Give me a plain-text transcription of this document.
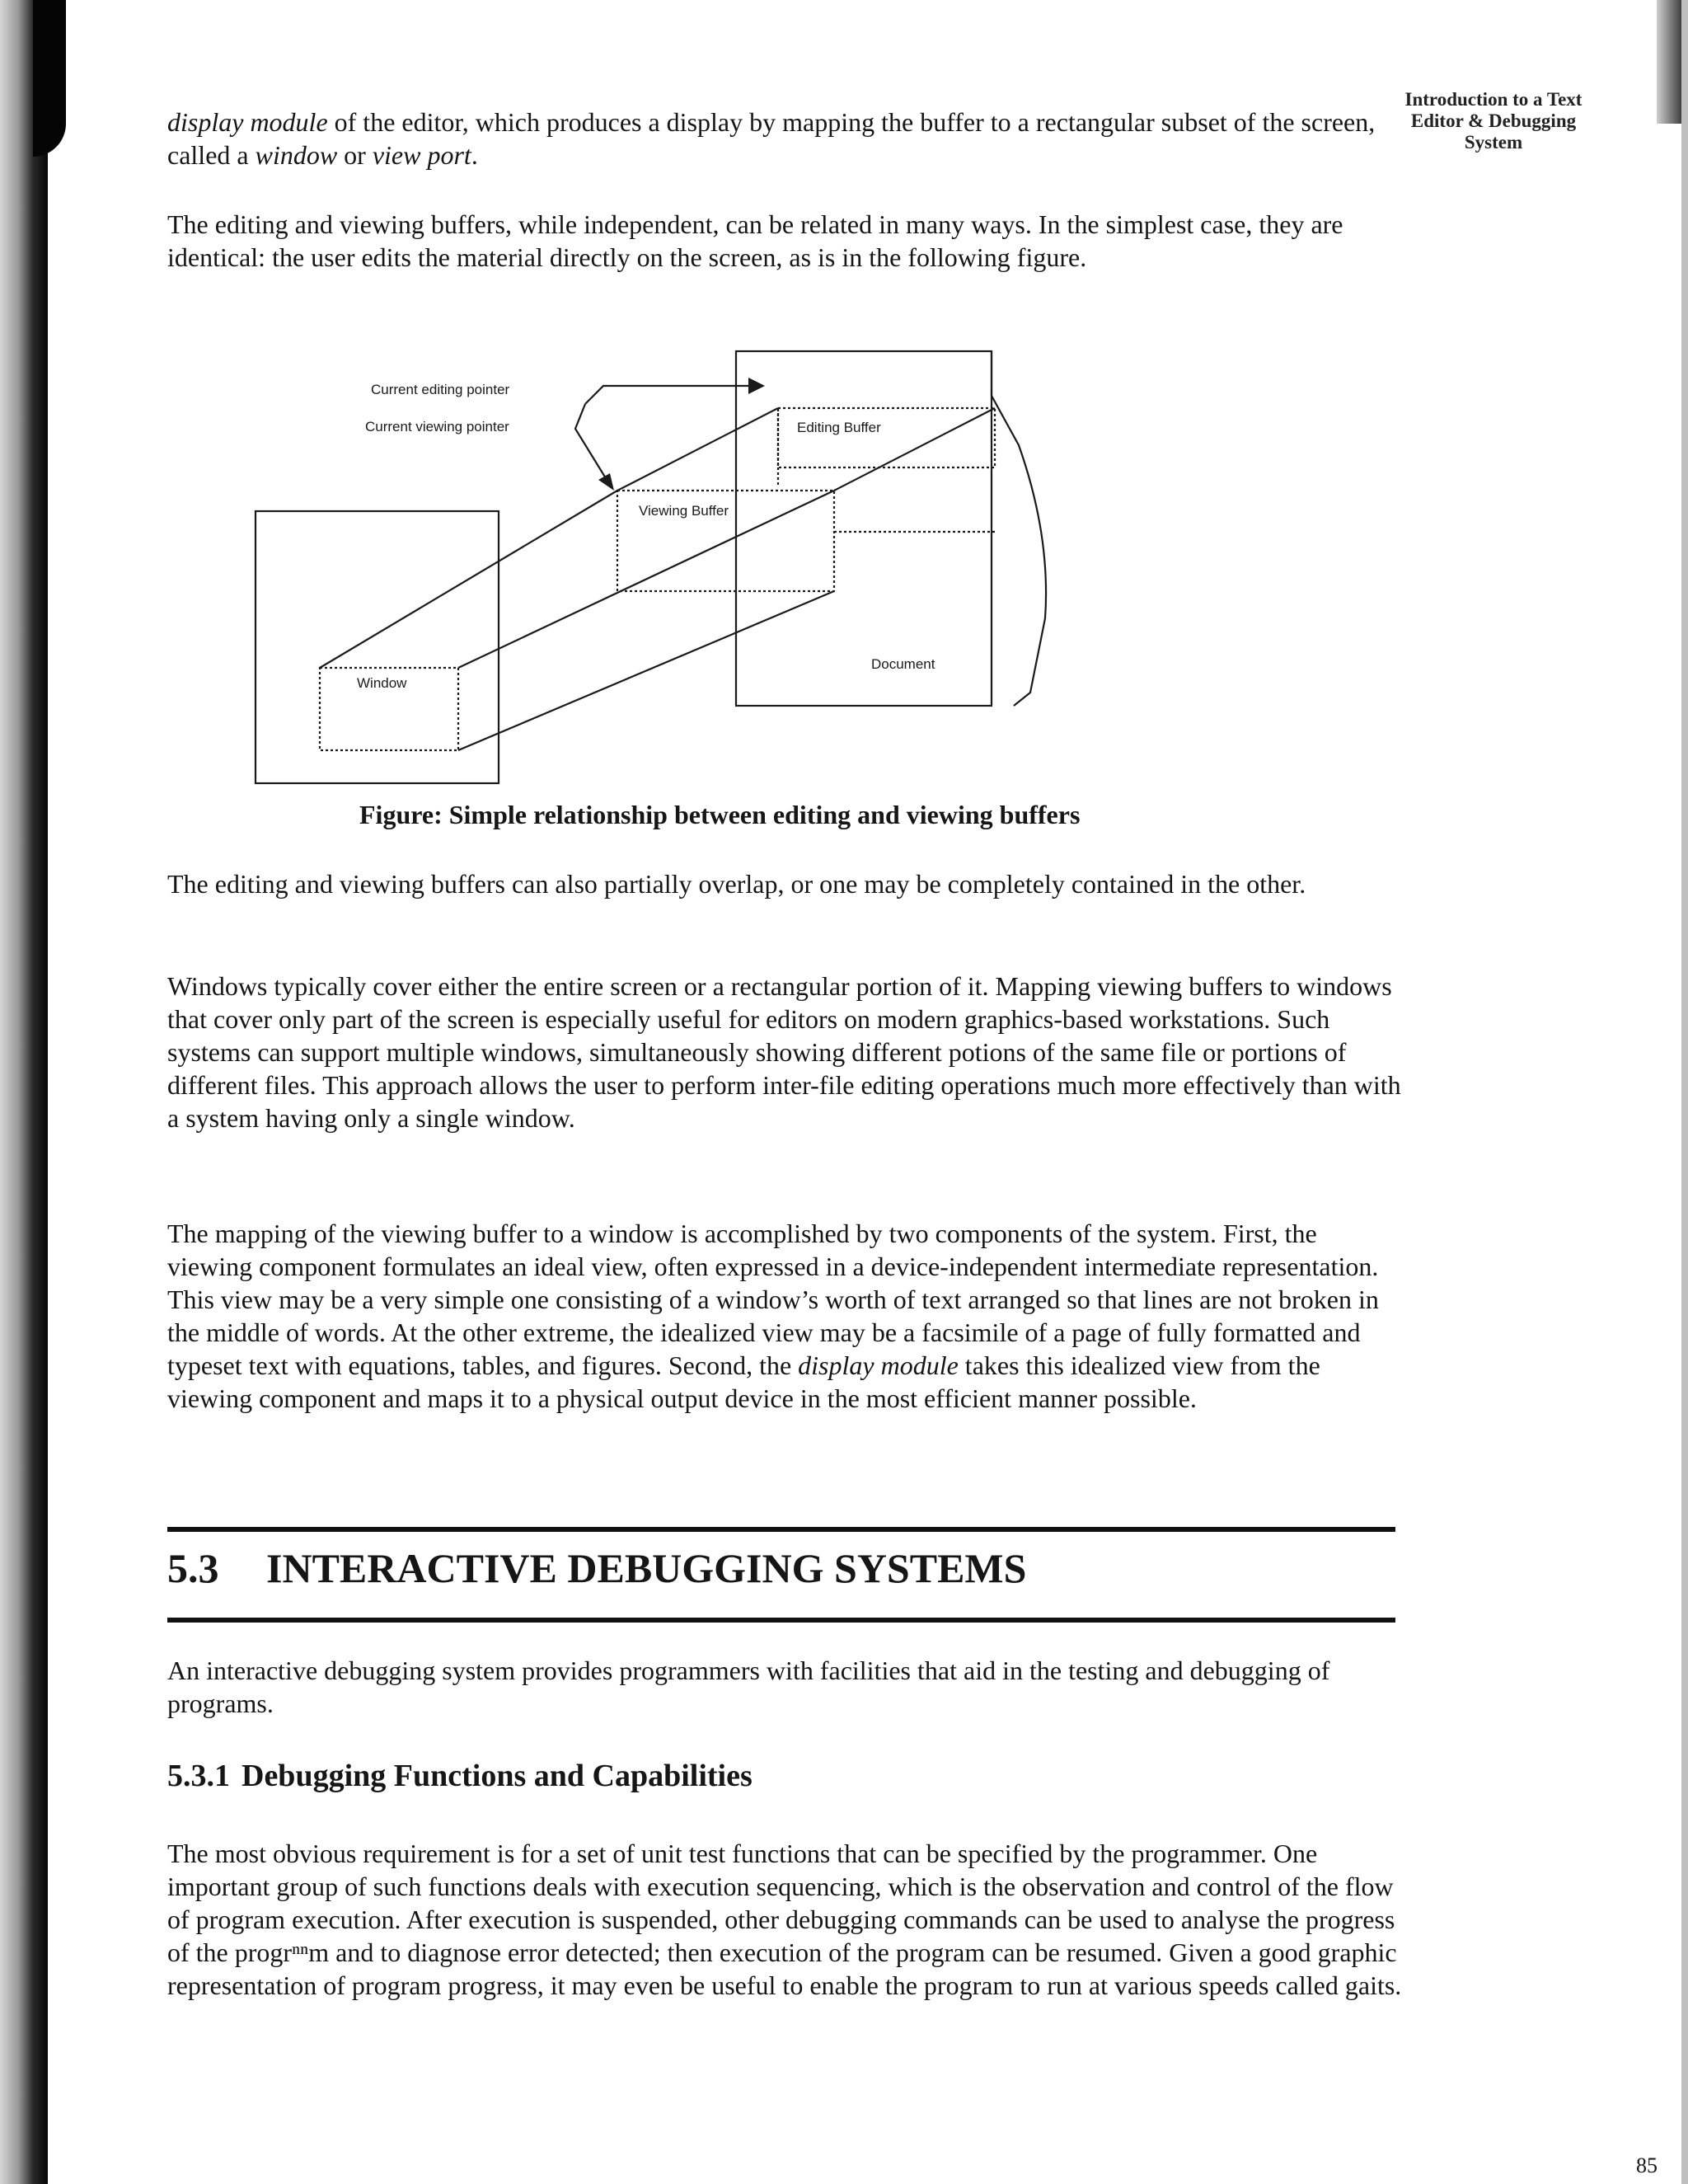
Introduction to a Text
Editor & Debugging
System

display module of the editor, which produces a display by mapping the buffer to a rectangular subset of the screen, called a window or view port.

The editing and viewing buffers, while independent, can be related in many ways. In the simplest case, they are identical: the user edits the material directly on the screen, as is in the following figure.

Current editing pointer
Current viewing pointer	Editing Buffer
Viewing Buffer
Window
Document
Figure: Simple relationship between editing and viewing buffers

The editing and viewing buffers can also partially overlap, or one may be completely contained in the other.

Windows typically cover either the entire screen or a rectangular portion of it. Mapping viewing buffers to windows that cover only part of the screen is especially useful for editors on modern graphics-based workstations. Such systems can support multiple windows, simultaneously showing different potions of the same file or portions of different files. This approach allows the user to perform inter-file editing operations much more effectively than with a system having only a single window.

The mapping of the viewing buffer to a window is accomplished by two components of the system. First, the viewing component formulates an ideal view, often expressed in a device-independent intermediate representation. This view may be a very simple one consisting of a window’s worth of text arranged so that lines are not broken in the middle of words. At the other extreme, the idealized view may be a facsimile of a page of fully formatted and typeset text with equations, tables, and figures. Second, the display module takes this idealized view from the viewing component and maps it to a physical output device in the most efficient manner possible.

5.3 INTERACTIVE DEBUGGING SYSTEMS

An interactive debugging system provides programmers with facilities that aid in the testing and debugging of programs.

5.3.1 Debugging Functions and Capabilities

The most obvious requirement is for a set of unit test functions that can be specified by the programmer. One important group of such functions deals with execution sequencing, which is the observation and control of the flow of program execution. After execution is suspended, other debugging commands can be used to analyse the progress of the progrⁿⁿm and to diagnose error detected; then execution of the program can be resumed. Given a good graphic representation of program progress, it may even be useful to enable the program to run at various speeds called gaits.

85
